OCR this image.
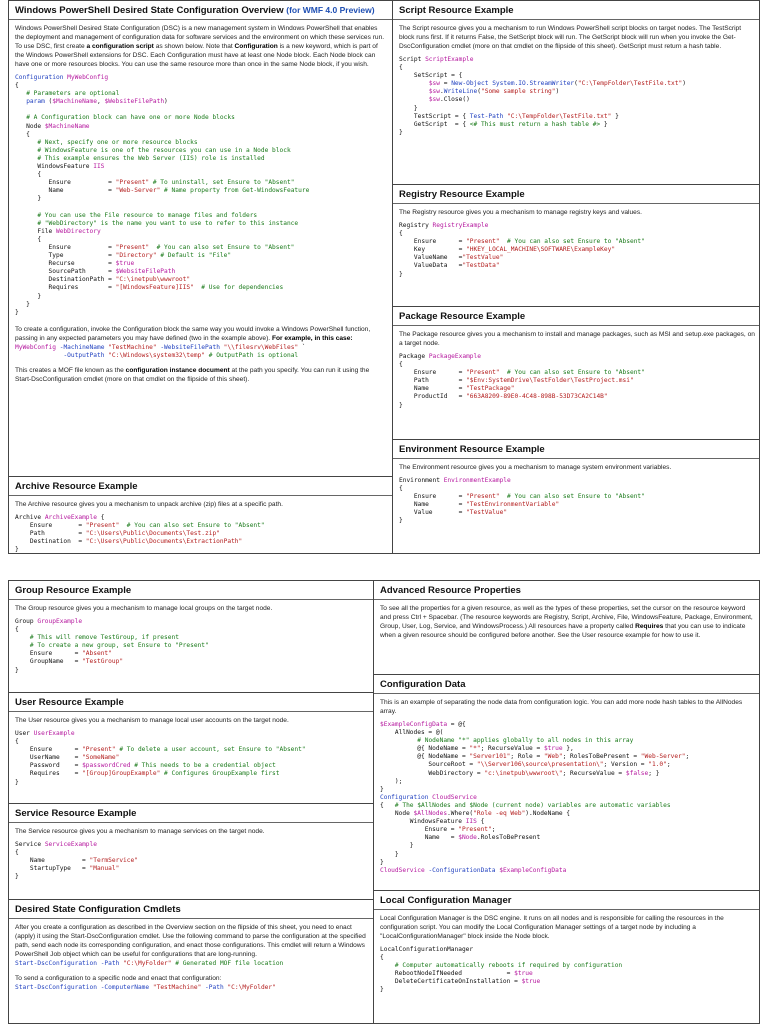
Windows PowerShell Desired State Configuration Overview (for WMF 4.0 Preview)

Windows PowerShell Desired State Configuration (DSC) is a new management system in Windows PowerShell that enables the deployment and management of configuration data for software services and the environment on which these services run. To use DSC, first create a configuration script as shown below. Note that Configuration is a new keyword, which is part of the Windows PowerShell extensions for DSC. Each Configuration must have at least one Node block. Each Node block can have one or more resources blocks. You can use the same resource more than once in the same Node block, if you wish.

Configuration MyWebConfig
{
# Parameters are optional
param ($MachineName, $WebsiteFilePath)

# A Configuration block can have one or more Node blocks
Node $MachineName
{
# Next, specify one or more resource blocks
# WindowsFeature is one of the resources you can use in a Node block
# This example ensures the Web Server (IIS) role is installed
WindowsFeature IIS
{
Ensure          = "Present" # To uninstall, set Ensure to "Absent"
Name            = "Web-Server" # Name property from Get-WindowsFeature
}

# You can use the File resource to manage files and folders
# "WebDirectory" is the name you want to use to refer to this instance
File WebDirectory
{
Ensure          = "Present" # You can also set Ensure to "Absent"
Type            = "Directory" # Default is "File"
Recurse         = $true
SourcePath      = $WebsiteFilePath
DestinationPath = "C:\inetpub\wwwroot"
Requires        = "[WindowsFeature]IIS" # Use for dependencies
}
}
}

To create a configuration, invoke the Configuration block the same way you would invoke a Windows PowerShell function, passing in any expected parameters you may have defined (two in the example above). For example, in this case:

MyWebConfig -MachineName "TestMachine" -WebsiteFilePath "\\filesrv\WebFiles" `
-OutputPath "C:\Windows\system32\temp" # OutputPath is optional

This creates a MOF file known as the configuration instance document at the path you specify. You can run it using the Start-DscConfiguration cmdlet (more on that cmdlet on the flipside of this sheet).

Archive Resource Example

The Archive resource gives you a mechanism to unpack archive (zip) files at a specific path.

Archive ArchiveExample {
Ensure       = "Present" # You can also set Ensure to "Absent"
Path         = "C:\Users\Public\Documents\Test.zip"
Destination  = "C:\Users\Public\Documents\ExtractionPath"
}
Script Resource Example

The Script resource gives you a mechanism to run Windows PowerShell script blocks on target nodes. The TestScript block runs first. If it returns False, the SetScript block will run. The GetScript block will run when you invoke the Get-DscConfiguration cmdlet (more on that cmdlet on the flipside of this sheet). GetScript must return a hash table.

Script ScriptExample
{
SetScript = {
$sw = New-Object System.IO.StreamWriter("C:\TempFolder\TestFile.txt")
$sw.WriteLine("Some sample string")
$sw.Close()
}
TestScript = { Test-Path "C:\TempFolder\TestFile.txt" }
GetScript  = { <# This must return a hash table #> }
}
Registry Resource Example

The Registry resource gives you a mechanism to manage registry keys and values.

Registry RegistryExample
{
Ensure      = "Present" # You can also set Ensure to "Absent"
Key         = "HKEY_LOCAL_MACHINE\SOFTWARE\ExampleKey"
ValueName   ="TestValue"
ValueData   ="TestData"
}
Package Resource Example

The Package resource gives you a mechanism to install and manage packages, such as MSI and setup.exe packages, on a target node.

Package PackageExample
{
Ensure      = "Present" # You can also set Ensure to "Absent"
Path        = "$Env:SystemDrive\TestFolder\TestProject.msi"
Name        = "TestPackage"
ProductId   = "663A8209-89E0-4C48-898B-53D73CA2C14B"
}
Environment Resource Example

The Environment resource gives you a mechanism to manage system environment variables.

Environment EnvironmentExample
{
Ensure      = "Present" # You can also set Ensure to "Absent"
Name        = "TestEnvironmentVariable"
Value       = "TestValue"
}
Group Resource Example

The Group resource gives you a mechanism to manage local groups on the target node.

Group GroupExample
{
# This will remove TestGroup, if present
# To create a new group, set Ensure to "Present"
Ensure      = "Absent"
GroupName   = "TestGroup"
}
User Resource Example

The User resource gives you a mechanism to manage local user accounts on the target node.

User UserExample
{
Ensure      = "Present" # To delete a user account, set Ensure to "Absent"
UserName    = "SomeName"
Password    = $passwordCred # This needs to be a credential object
Requires    = "[Group]GroupExample" # Configures GroupExample first
}
Service Resource Example

The Service resource gives you a mechanism to manage services on the target node.

Service ServiceExample
{
Name          = "TermService"
StartupType   = "Manual"
}
Desired State Configuration Cmdlets

After you create a configuration as described in the Overview section on the flipside of this sheet, you need to enact (apply) it using the Start-DscConfiguration cmdlet. Use the following command to parse the configuration at the specified path, send each node its corresponding configuration, and enact those configurations. This cmdlet will return a Windows PowerShell Job object which can be useful for configurations that are long-running.

Start-DscConfiguration -Path "C:\MyFolder" # Generated MOF file location

To send a configuration to a specific node and enact that configuration:

Start-DscConfiguration -ComputerName "TestMachine" -Path "C:\MyFolder"
Advanced Resource Properties

To see all the properties for a given resource, as well as the types of these properties, set the cursor on the resource keyword and press Ctrl + Spacebar. (The resource keywords are Registry, Script, Archive, File, WindowsFeature, Package, Environment, Group, User, Log, Service, and WindowsProcess.) All resources have a property called Requires that you can use to indicate when a given resource should be configured before another. See the User resource example for how to use it.

Configuration Data

This is an example of separating the node data from configuration logic. You can add more node hash tables to the AllNodes array.

$ExampleConfigData = @{
AllNodes = @(
# NodeName "*" applies globally to all nodes in this array
@{ NodeName = "*"; RecurseValue = $true },
@{ NodeName = "Server101"; Role = "Web"; RolesToBePresent = "Web-Server";
SourceRoot = "\\Server106\source\presentation\"; Version = "1.0";
WebDirectory = "c:\inetpub\wwwroot\"; RecurseValue = $false; }
);
}
Configuration CloudService
{   # The $AllNodes and $Node (current node) variables are automatic variables
Node $AllNodes.Where("Role -eq Web").NodeName {
WindowsFeature IIS {
Ensure = "Present";
Name   = $Node.RolesToBePresent
}
}
}
CloudService -ConfigurationData $ExampleConfigData
Local Configuration Manager

Local Configuration Manager is the DSC engine. It runs on all nodes and is responsible for calling the resources in the configuration script. You can modify the Local Configuration Manager settings of a target node by including a "LocalConfigurationManager" block inside the Node block.

LocalConfigurationManager
{
# Computer automatically reboots if required by configuration
RebootNodeIfNeeded            = $true
DeleteCertificateOnInstallation = $true
}
